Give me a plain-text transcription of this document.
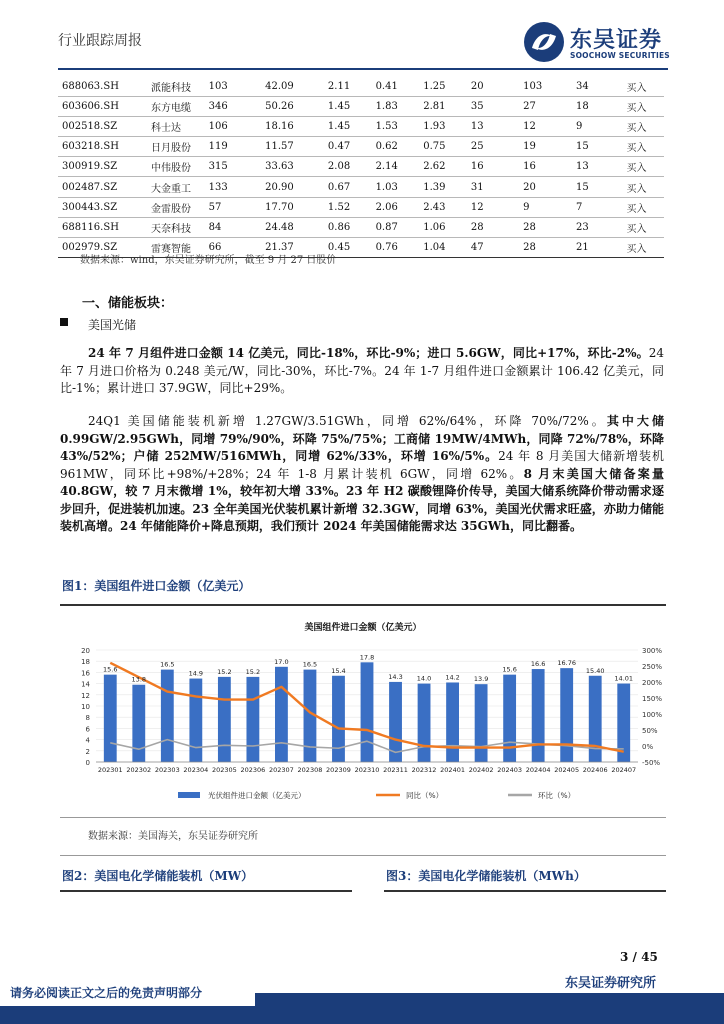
行业跟踪周报	东吴证券
SOOCHOW SECURITIES
688063.SH	派能科技	103	42.09	2.11	0.41	1.25	20	103	34	买入
603606.SH	东方电缆	346	50.26	1.45	1.83	2.81	35	27	18	买入
002518.SZ	科士达	106	18.16	1.45	1.53	1.93	13	12	9	买入
603218.SH	日月股份	119	11.57	0.47	0.62	0.75	25	19	15	买入
300919.SZ	中伟股份	315	33.63	2.08	2.14	2.62	16	16	13	买入
002487.SZ	大金重工	133	20.90	0.67	1.03	1.39	31	20	15	买入
300443.SZ	金雷股份	57	17.70	1.52	2.06	2.43	12	9	7	买入
688116.SH	天奈科技	84	24.48	0.86	0.87	1.06	28	28	23	买入
002979.SZ	雷赛智能	66	21.37	0.45	0.76	1.04	47	28	21	买入
数据来源：wind，东吴证券研究所，截至 9 月 27 日股价
一、储能板块：
美国光储
24 年 7 月组件进口金额 14 亿美元，同比-18%，环比-9%；进口 5.6GW，同比+17%，环比-2%。24 年 7 月进口价格为 0.248 美元/W，同比-30%，环比-7%。24 年 1-7 月组件进口金额累计 106.42 亿美元，同比-1%；累计进口 37.9GW，同比+29%。
24Q1 美国储能装机新增 1.27GW/3.51GWh，同增 62%/64%，环降 70%/72%。其中大储 0.99GW/2.95GWh，同增 79%/90%，环降 75%/75%；工商储 19MW/4MWh，同降 72%/78%，环降 43%/52%；户储 252MW/516MWh，同增 62%/33%，环增 16%/5%。24 年 8 月美国大储新增装机 961MW，同环比+98%/+28%；24 年 1-8 月累计装机 6GW，同增 62%。8 月末美国大储备案量 40.8GW，较 7 月末微增 1%，较年初大增 33%。23 年 H2 碳酸锂降价传导，美国大储系统降价带动需求逐步回升，促进装机加速。23 全年美国光伏装机累计新增 32.3GW，同增 63%，美国光伏需求旺盛，亦助力储能装机高增。24 年储能降价+降息预期，我们预计 2024 年美国储能需求达 35GWh，同比翻番。
图1：美国组件进口金额（亿美元）
美国组件进口金额（亿美元）
15.6
13.8
16.5
14.9 15.2 15.2
17.0 16.5
15.4
17.8
14.3 14.0 14.2 13.9
15.6
16.6 16.76
15.40
14.01
0
2
4
6
8
10
12
14
16
18
20
-50%
0%
50%
100%
150%
200%
250%
300%
202301 202302 202303 202304 202305 202306 202307 202308 202309 202310 202311 202312 202401 202402 202403 202404 202405 202406 202407
光伏组件进口金额（亿美元）	同比（%）	环比（%）
数据来源：美国海关，东吴证券研究所
图2：美国电化学储能装机（MW）	图3：美国电化学储能装机（MWh）
3 / 45
东吴证券研究所
请务必阅读正文之后的免责声明部分
